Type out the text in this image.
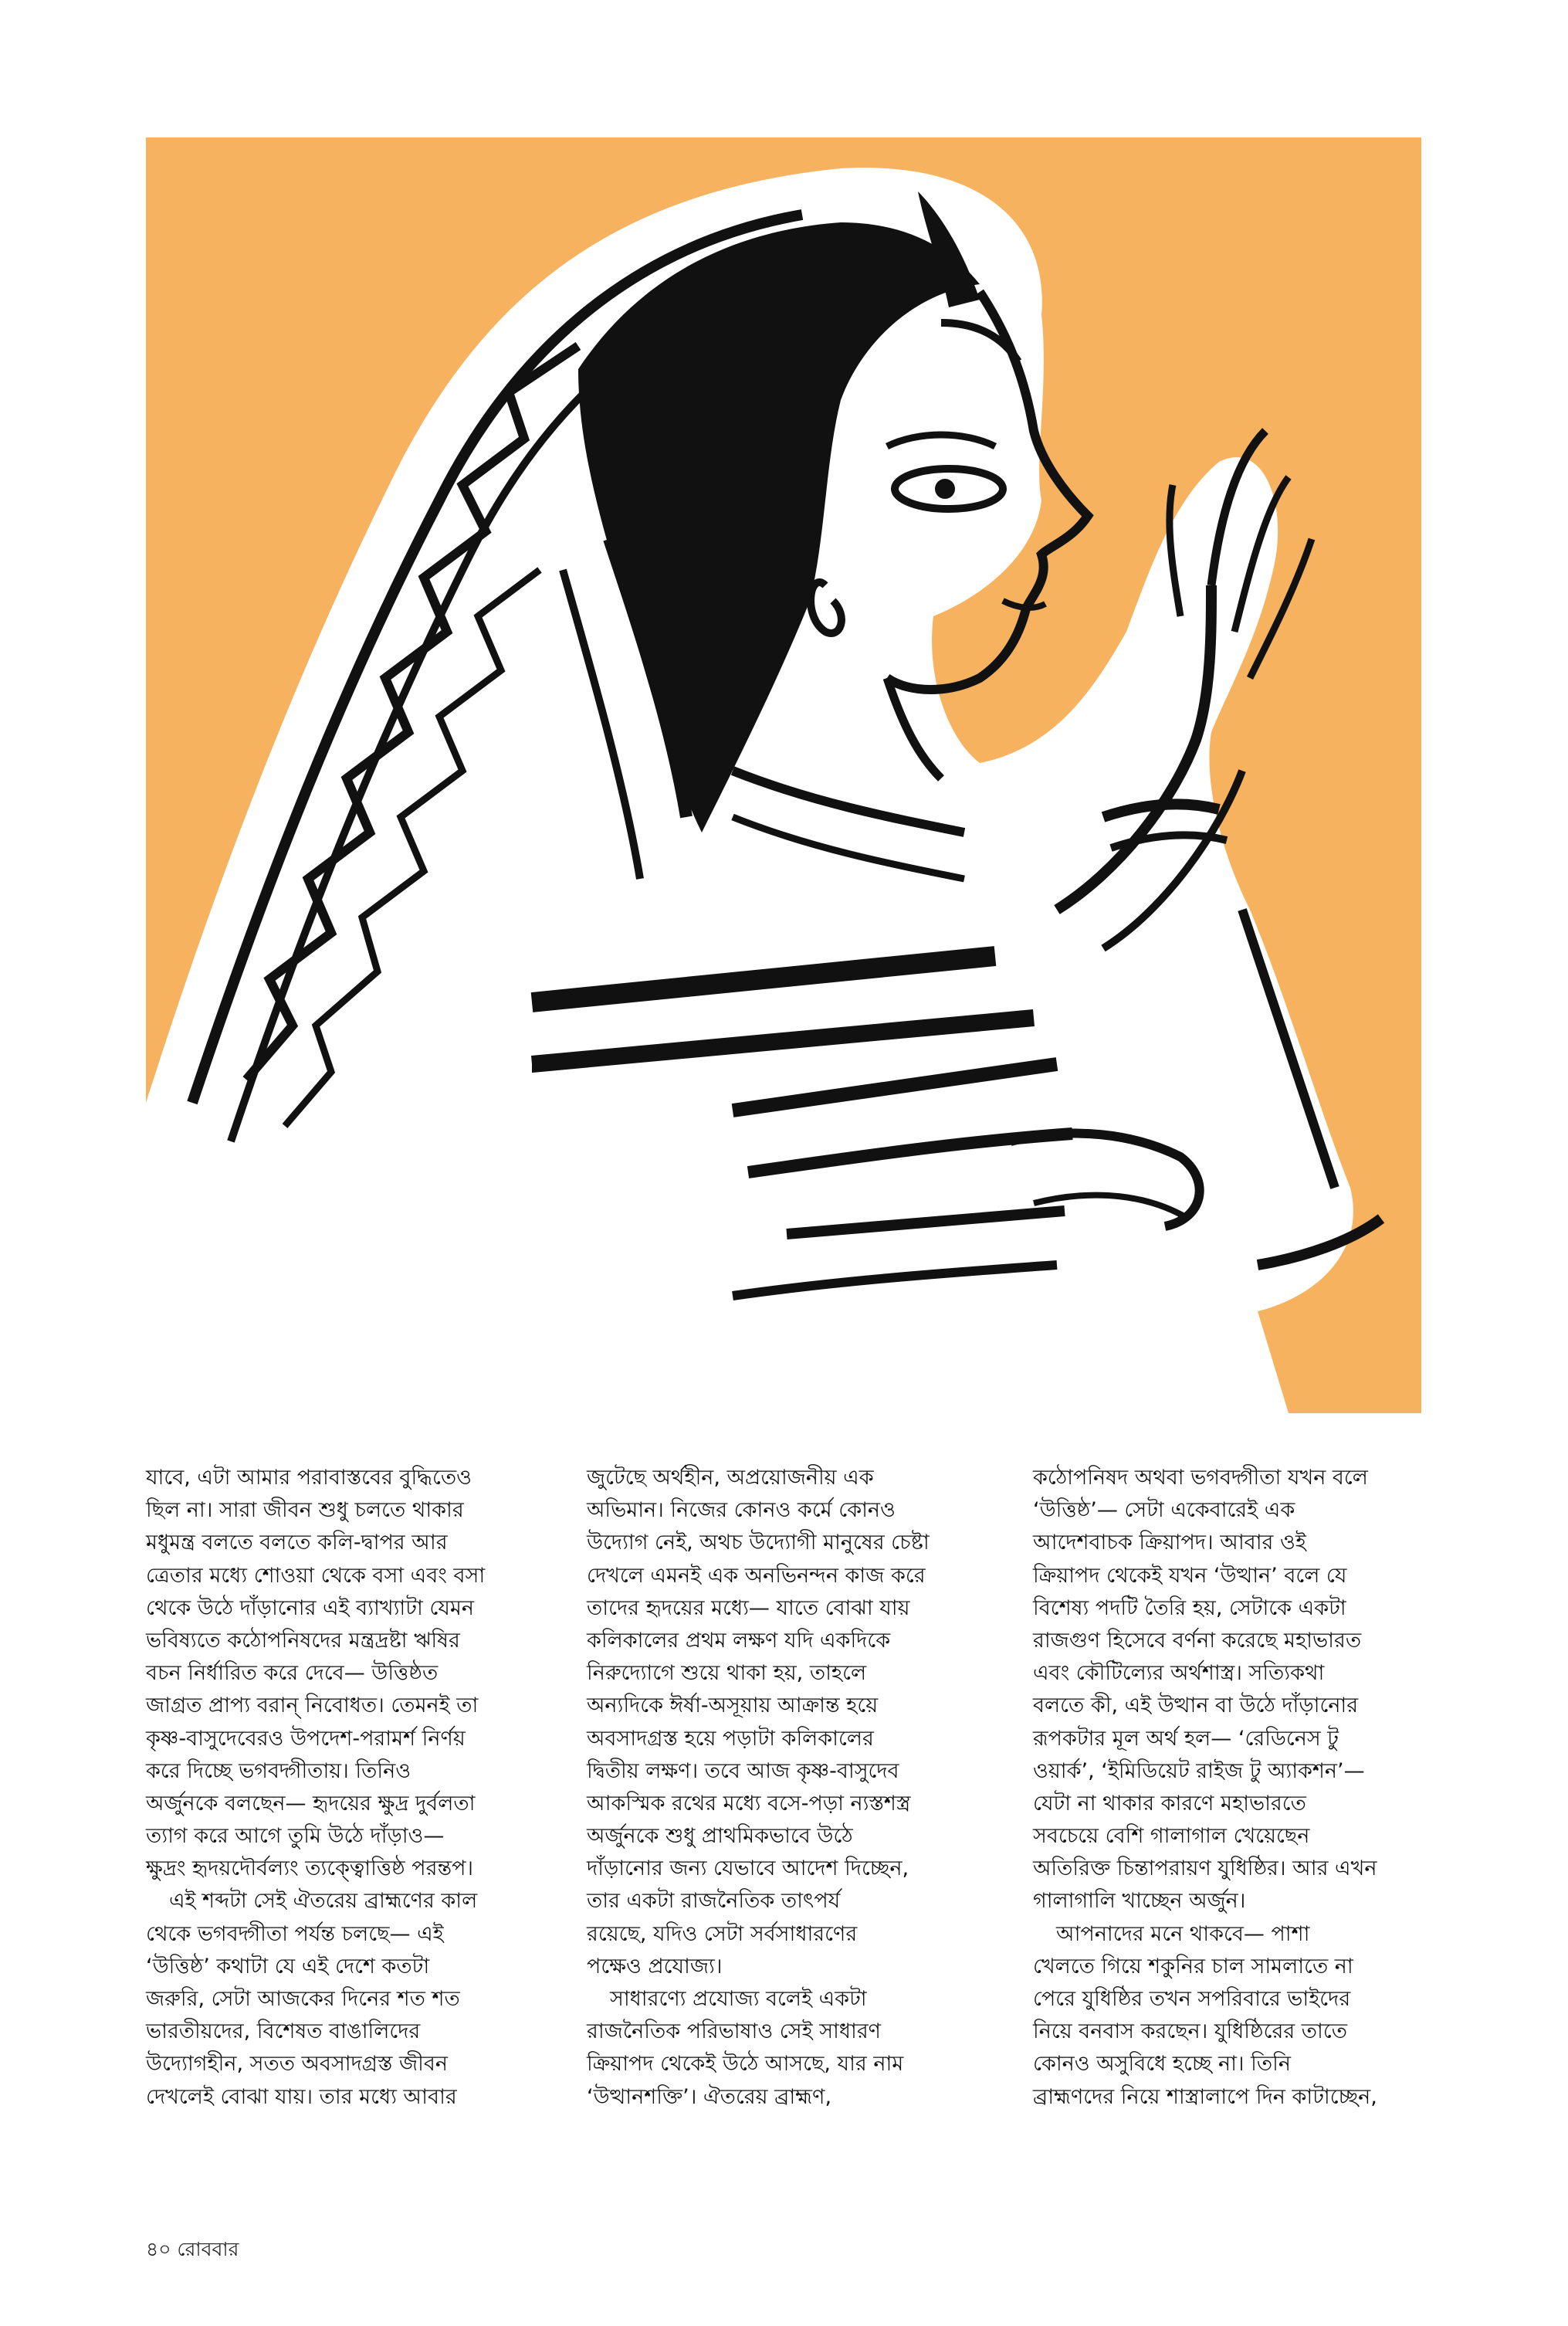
যাবে, এটা আমার পরাবাস্তবের বুদ্ধিতেও
ছিল না। সারা জীবন শুধু চলতে থাকার
মধুমন্ত্র বলতে বলতে কলি-দ্বাপর আর
ত্রেতার মধ্যে শোওয়া থেকে বসা এবং বসা
থেকে উঠে দাঁড়ানোর এই ব্যাখ্যাটা যেমন
ভবিষ্যতে কঠোপনিষদের মন্ত্রদ্রষ্টা ঋষির
বচন নির্ধারিত করে দেবে— উত্তিষ্ঠত
জাগ্রত প্রাপ্য বরান্ নিবোধত। তেমনই তা
কৃষ্ণ-বাসুদেবেরও উপদেশ-পরামর্শ নির্ণয়
করে দিচ্ছে ভগবদ্গীতায়। তিনিও
অর্জুনকে বলছেন— হৃদয়ের ক্ষুদ্র দুর্বলতা
ত্যাগ করে আগে তুমি উঠে দাঁড়াও—
ক্ষুদ্রং হৃদয়দৌর্বল্যং ত্যক্ত্বোত্তিষ্ঠ পরন্তপ।
এই শব্দটা সেই ঐতরেয় ব্রাহ্মণের কাল
থেকে ভগবদ্গীতা পর্যন্ত চলছে— এই
‘উত্তিষ্ঠ’ কথাটা যে এই দেশে কতটা
জরুরি, সেটা আজকের দিনের শত শত
ভারতীয়দের, বিশেষত বাঙালিদের
উদ্যোগহীন, সতত অবসাদগ্রস্ত জীবন
দেখলেই বোঝা যায়। তার মধ্যে আবার
জুটেছে অর্থহীন, অপ্রয়োজনীয় এক
অভিমান। নিজের কোনও কর্মে কোনও
উদ্যোগ নেই, অথচ উদ্যোগী মানুষের চেষ্টা
দেখলে এমনই এক অনভিনন্দন কাজ করে
তাদের হৃদয়ের মধ্যে— যাতে বোঝা যায়
কলিকালের প্রথম লক্ষণ যদি একদিকে
নিরুদ্যোগে শুয়ে থাকা হয়, তাহলে
অন্যদিকে ঈর্ষা-অসূয়ায় আক্রান্ত হয়ে
অবসাদগ্রস্ত হয়ে পড়াটা কলিকালের
দ্বিতীয় লক্ষণ। তবে আজ কৃষ্ণ-বাসুদেব
আকস্মিক রথের মধ্যে বসে-পড়া ন্যস্তশস্ত্র
অর্জুনকে শুধু প্রাথমিকভাবে উঠে
দাঁড়ানোর জন্য যেভাবে আদেশ দিচ্ছেন,
তার একটা রাজনৈতিক তাৎপর্য
রয়েছে, যদিও সেটা সর্বসাধারণের
পক্ষেও প্রযোজ্য।
সাধারণ্যে প্রযোজ্য বলেই একটা
রাজনৈতিক পরিভাষাও সেই সাধারণ
ক্রিয়াপদ থেকেই উঠে আসছে, যার নাম
‘উত্থানশক্তি’। ঐতরেয় ব্রাহ্মণ,
কঠোপনিষদ অথবা ভগবদ্গীতা যখন বলে
‘উত্তিষ্ঠ’— সেটা একেবারেই এক
আদেশবাচক ক্রিয়াপদ। আবার ওই
ক্রিয়াপদ থেকেই যখন ‘উত্থান’ বলে যে
বিশেষ্য পদটি তৈরি হয়, সেটাকে একটা
রাজগুণ হিসেবে বর্ণনা করেছে মহাভারত
এবং কৌটিল্যের অর্থশাস্ত্র। সত্যিকথা
বলতে কী, এই উত্থান বা উঠে দাঁড়ানোর
রূপকটার মূল অর্থ হল— ‘রেডিনেস টু
ওয়ার্ক’, ‘ইমিডিয়েট রাইজ টু অ্যাকশন’—
যেটা না থাকার কারণে মহাভারতে
সবচেয়ে বেশি গালাগাল খেয়েছেন
অতিরিক্ত চিন্তাপরায়ণ যুধিষ্ঠির। আর এখন
গালাগালি খাচ্ছেন অর্জুন।
আপনাদের মনে থাকবে— পাশা
খেলতে গিয়ে শকুনির চাল সামলাতে না
পেরে যুধিষ্ঠির তখন সপরিবারে ভাইদের
নিয়ে বনবাস করছেন। যুধিষ্ঠিরের তাতে
কোনও অসুবিধে হচ্ছে না। তিনি
ব্রাহ্মণদের নিয়ে শাস্ত্রালাপে দিন কাটাচ্ছেন,
৪০ রোববার
